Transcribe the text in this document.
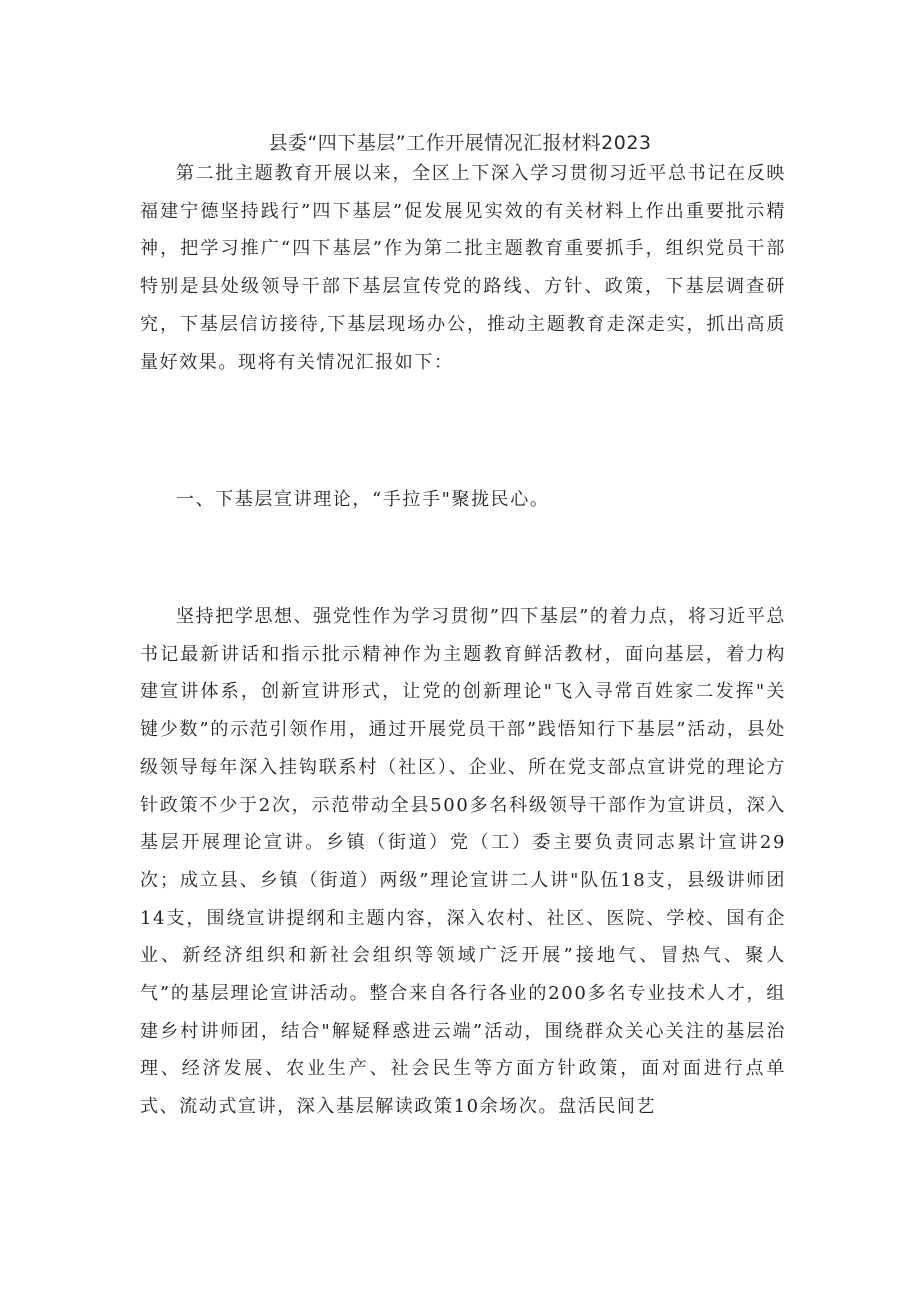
县委“四下基层”工作开展情况汇报材料2023

第二批主题教育开展以来，全区上下深入学习贯彻习近平总书记在反映福建宁德坚持践行”四下基层”促发展见实效的有关材料上作出重要批示精神，把学习推广“四下基层”作为第二批主题教育重要抓手，组织党员干部特别是县处级领导干部下基层宣传党的路线、方针、政策，下基层调查研究，下基层信访接待,下基层现场办公，推动主题教育走深走实，抓出高质量好效果。现将有关情况汇报如下：

一、下基层宣讲理论，“手拉手"聚拢民心。

坚持把学思想、强党性作为学习贯彻”四下基层”的着力点，将习近平总书记最新讲话和指示批示精神作为主题教育鲜活教材，面向基层，着力构建宣讲体系，创新宣讲形式，让党的创新理论"飞入寻常百姓家二发挥"关键少数”的示范引领作用，通过开展党员干部”践悟知行下基层”活动，县处级领导每年深入挂钩联系村（社区）、企业、所在党支部点宣讲党的理论方针政策不少于2次，示范带动全县500多名科级领导干部作为宣讲员，深入基层开展理论宣讲。乡镇（街道）党（工）委主要负责同志累计宣讲29次；成立县、乡镇（街道）两级”理论宣讲二人讲"队伍18支，县级讲师团14支，围绕宣讲提纲和主题内容，深入农村、社区、医院、学校、国有企业、新经济组织和新社会组织等领域广泛开展”接地气、冒热气、聚人气”的基层理论宣讲活动。整合来自各行各业的200多名专业技术人才，组建乡村讲师团，结合"解疑释惑进云端”活动，围绕群众关心关注的基层治理、经济发展、农业生产、社会民生等方面方针政策，面对面进行点单式、流动式宣讲，深入基层解读政策10余场次。盘活民间艺
